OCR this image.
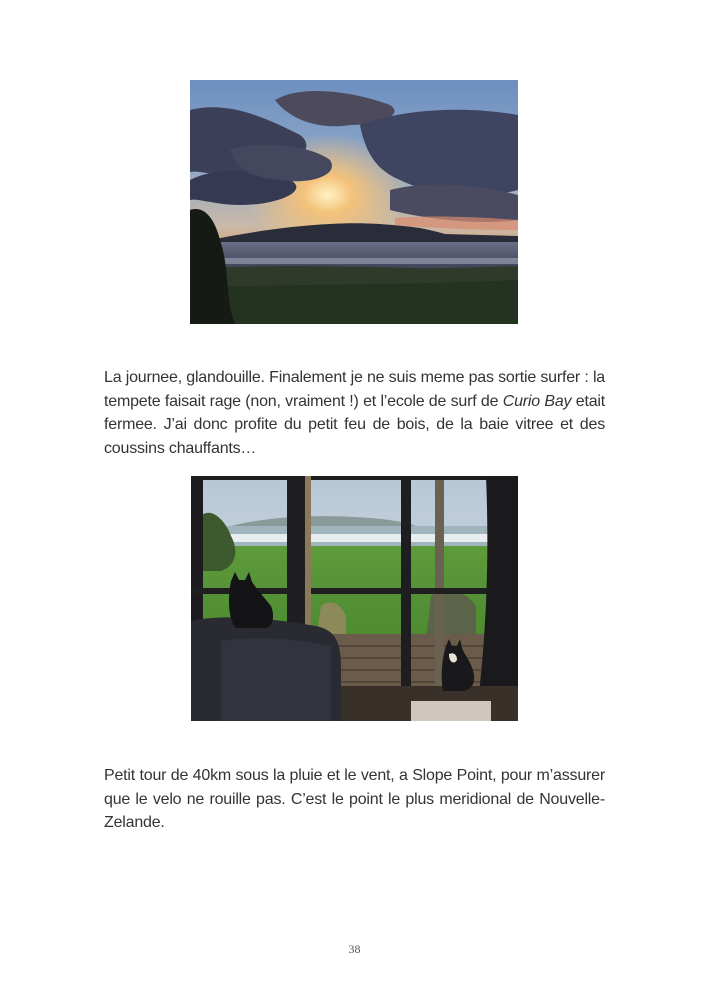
La journee, glandouille. Finalement je ne suis meme pas sortie surfer : la tempete faisait rage (non, vraiment !) et l’ecole de surf de Curio Bay etait fermee. J’ai donc profite du petit feu de bois, de la baie vitree et des coussins chauffants…

Petit tour de 40km sous la pluie et le vent, a Slope Point, pour m’assurer que le velo ne rouille pas. C’est le point le plus meridional de Nouvelle-Zelande.

38
